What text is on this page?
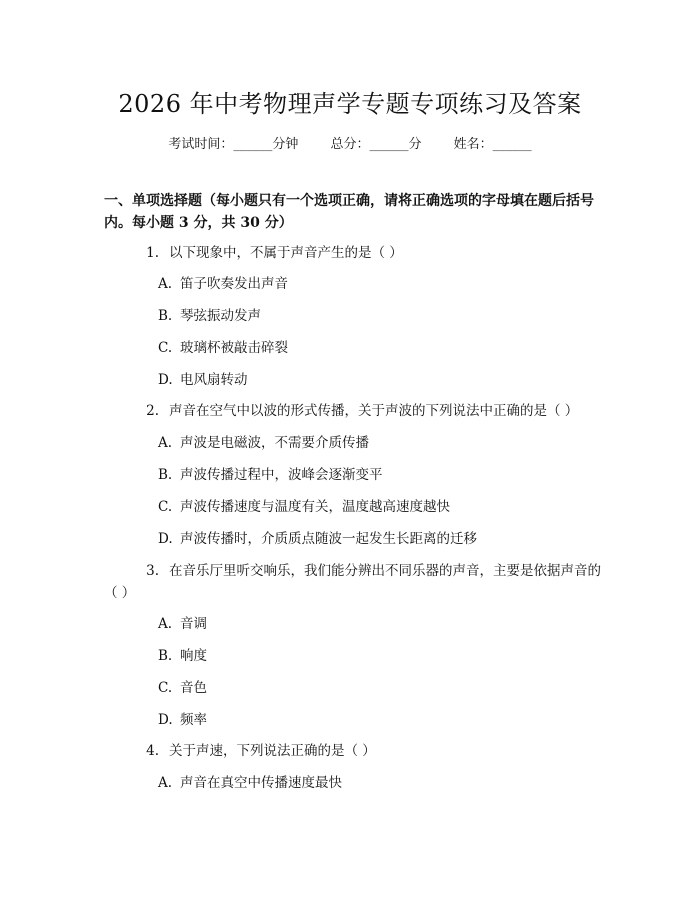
2026 年中考物理声学专题专项练习及答案
考试时间：______分钟 总分：______分 姓名：______
一、单项选择题（每小题只有一个选项正确，请将正确选项的字母填在题后括号内。每小题 3 分，共 30 分）
1. 以下现象中，不属于声音产生的是（ ）
A. 笛子吹奏发出声音
B. 琴弦振动发声
C. 玻璃杯被敲击碎裂
D. 电风扇转动
2. 声音在空气中以波的形式传播，关于声波的下列说法中正确的是（ ）
A. 声波是电磁波，不需要介质传播
B. 声波传播过程中，波峰会逐渐变平
C. 声波传播速度与温度有关，温度越高速度越快
D. 声波传播时，介质质点随波一起发生长距离的迁移
3. 在音乐厅里听交响乐，我们能分辨出不同乐器的声音，主要是依据声音的
（ ）
A. 音调
B. 响度
C. 音色
D. 频率
4. 关于声速，下列说法正确的是（ ）
A. 声音在真空中传播速度最快
